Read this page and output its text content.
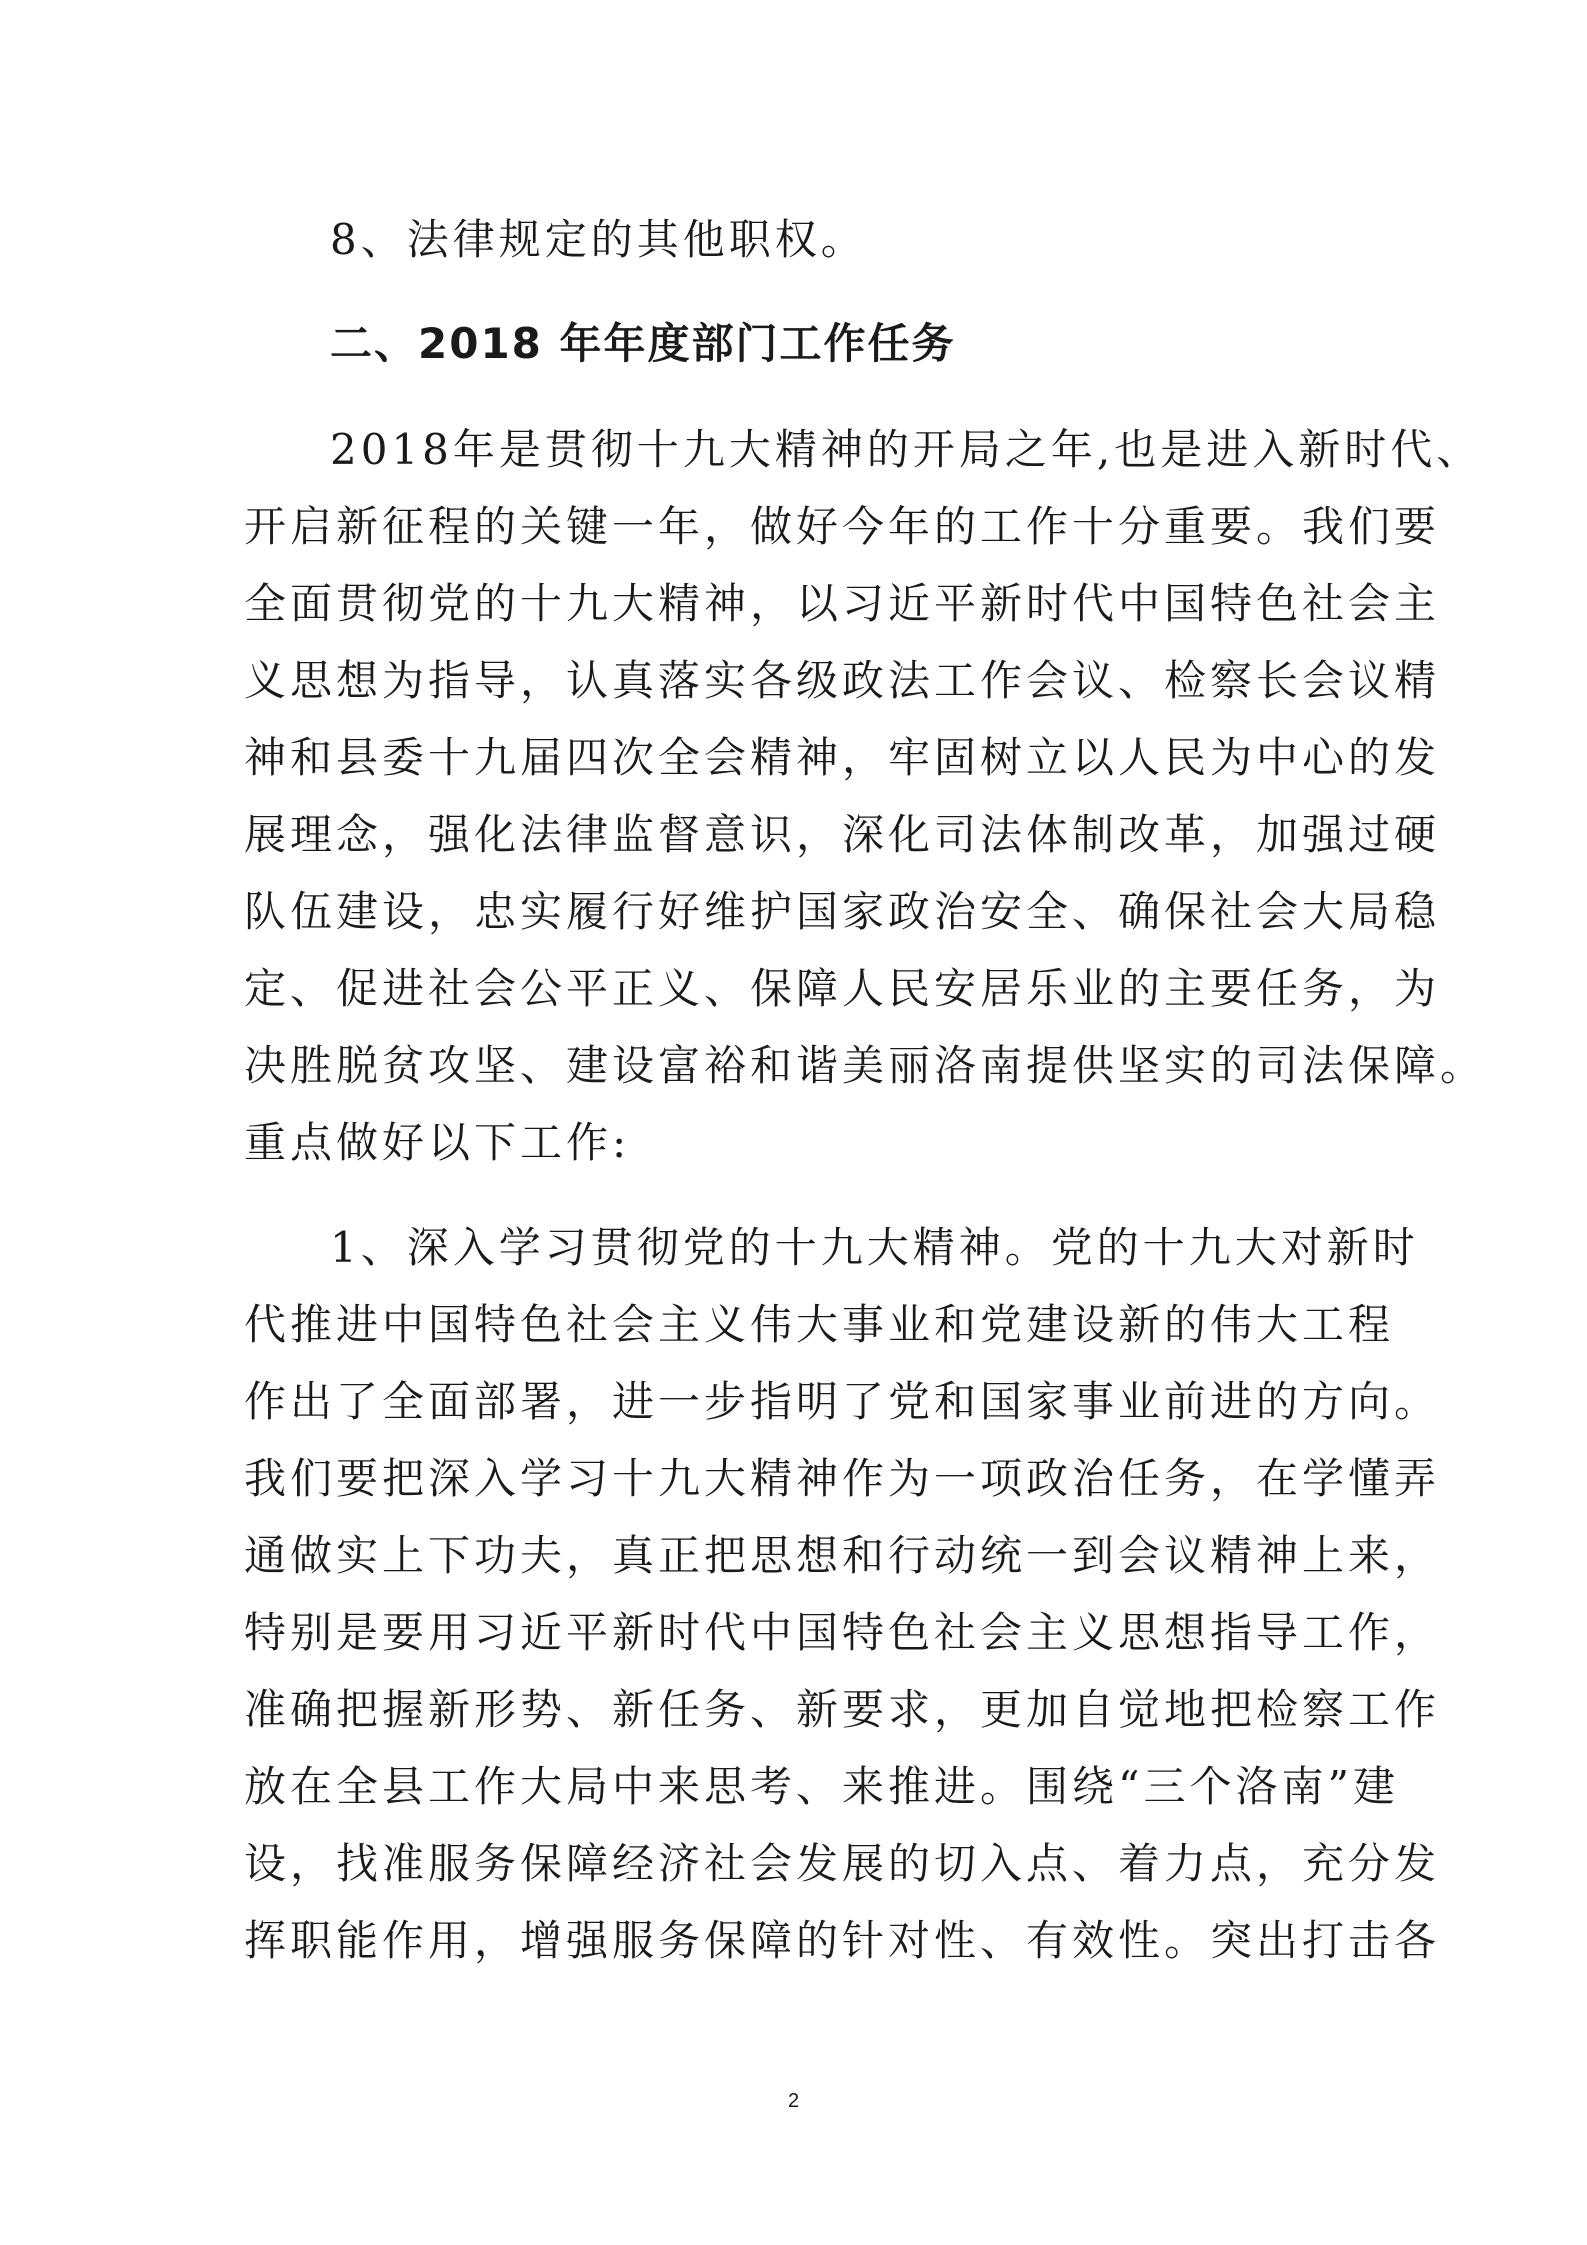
8、法律规定的其他职权。

二、2018 年年度部门工作任务

2018年是贯彻十九大精神的开局之年,也是进入新时代、

开启新征程的关键一年，做好今年的工作十分重要。我们要

全面贯彻党的十九大精神，以习近平新时代中国特色社会主

义思想为指导，认真落实各级政法工作会议、检察长会议精

神和县委十九届四次全会精神，牢固树立以人民为中心的发

展理念，强化法律监督意识，深化司法体制改革，加强过硬

队伍建设，忠实履行好维护国家政治安全、确保社会大局稳

定、促进社会公平正义、保障人民安居乐业的主要任务，为

决胜脱贫攻坚、建设富裕和谐美丽洛南提供坚实的司法保障。

重点做好以下工作:

1、深入学习贯彻党的十九大精神。党的十九大对新时

代推进中国特色社会主义伟大事业和党建设新的伟大工程

作出了全面部署，进一步指明了党和国家事业前进的方向。

我们要把深入学习十九大精神作为一项政治任务，在学懂弄

通做实上下功夫，真正把思想和行动统一到会议精神上来，

特别是要用习近平新时代中国特色社会主义思想指导工作，

准确把握新形势、新任务、新要求，更加自觉地把检察工作

放在全县工作大局中来思考、来推进。围绕“三个洛南”建

设，找准服务保障经济社会发展的切入点、着力点，充分发

挥职能作用，增强服务保障的针对性、有效性。突出打击各

2
